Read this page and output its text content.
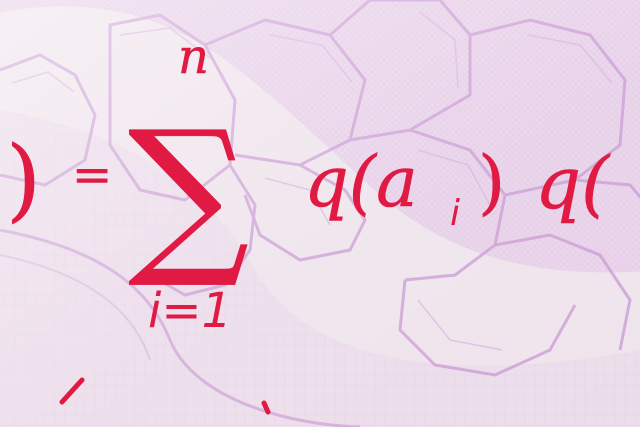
) =
n
∑ q(a i ) q(
i=1
